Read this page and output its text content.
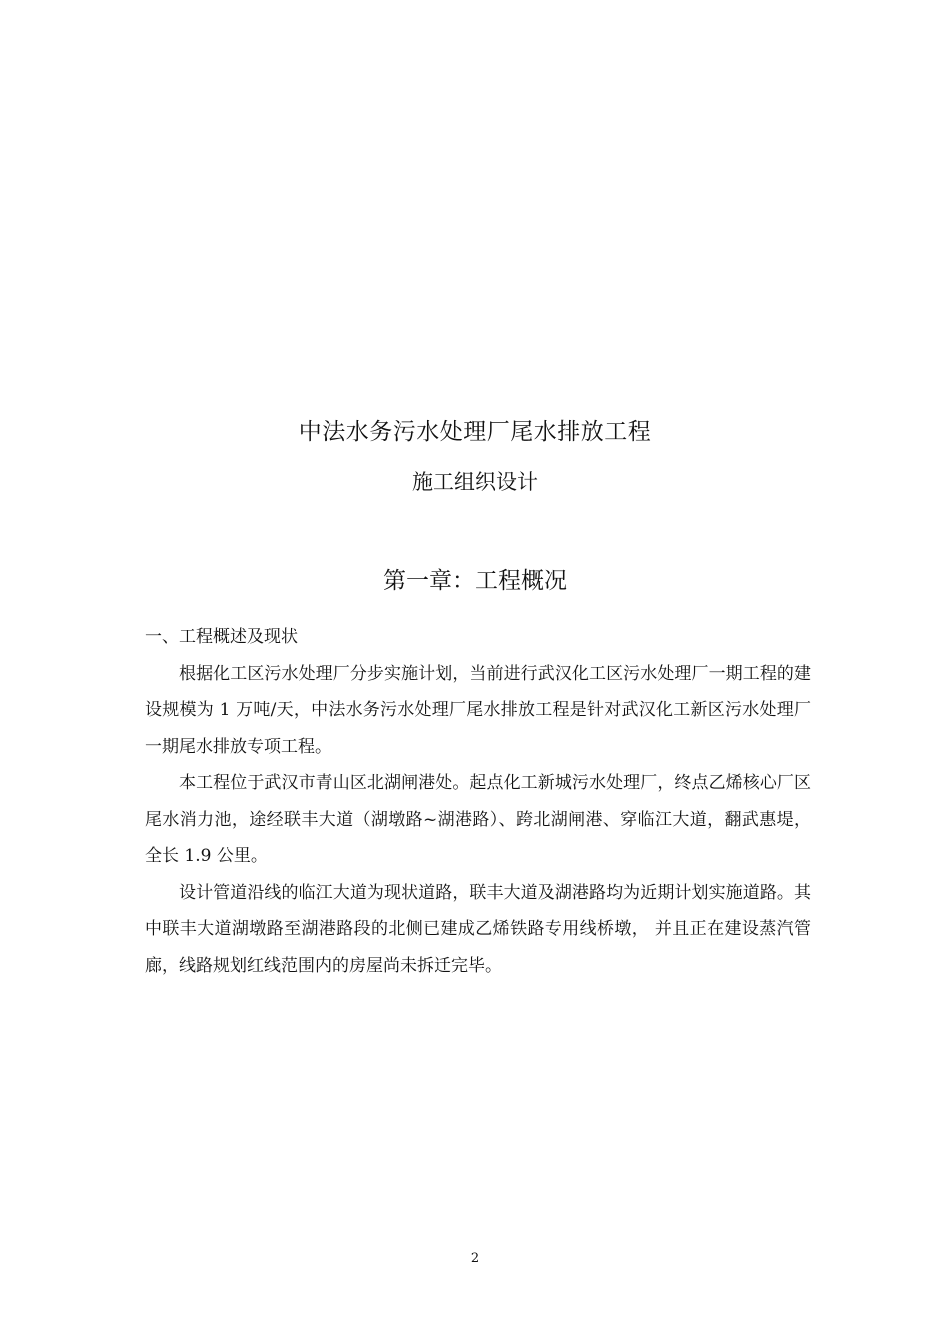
中法水务污水处理厂尾水排放工程
施工组织设计
第一章：工程概况
一、工程概述及现状

根据化工区污水处理厂分步实施计划，当前进行武汉化工区污水处理厂一期工程的建设规模为 1 万吨/天，中法水务污水处理厂尾水排放工程是针对武汉化工新区污水处理厂一期尾水排放专项工程。

本工程位于武汉市青山区北湖闸港处。起点化工新城污水处理厂，终点乙烯核心厂区尾水消力池，途经联丰大道（湖墩路~湖港路）、跨北湖闸港、穿临江大道，翻武惠堤，全长 1.9 公里。

设计管道沿线的临江大道为现状道路，联丰大道及湖港路均为近期计划实施道路。其中联丰大道湖墩路至湖港路段的北侧已建成乙烯铁路专用线桥墩， 并且正在建设蒸汽管廊，线路规划红线范围内的房屋尚未拆迁完毕。

2
